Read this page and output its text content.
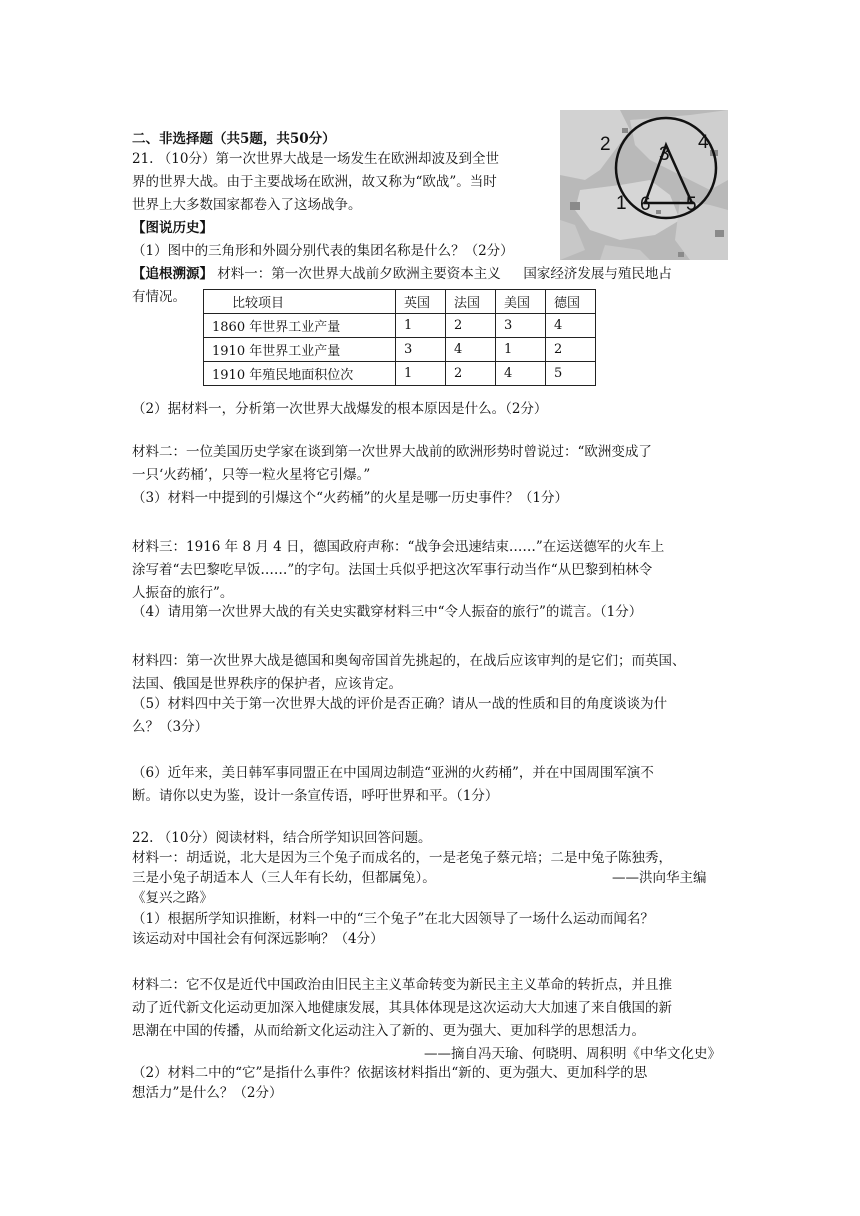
二、非选择题（共5题，共50分）
21. （10分）第一次世界大战是一场发生在欧洲却波及到全世
界的世界大战。由于主要战场在欧洲，故又称为“欧战”。当时
世界上大多数国家都卷入了这场战争。
【图说历史】
（1）图中的三角形和外圆分别代表的集团名称是什么？（2分）
【追根溯源】 材料一：第一次世界大战前夕欧洲主要资本主义 国家经济发展与殖民地占
有情况。
2	3
4
1 6 5
比较项目	英国	法国	美国	德国
1860 年世界工业产量	1	2	3	4
1910 年世界工业产量	3	4	1	2
1910 年殖民地面积位次	1	2	4	5
（2）据材料一，分析第一次世界大战爆发的根本原因是什么。（2分）
材料二：一位美国历史学家在谈到第一次世界大战前的欧洲形势时曾说过：“欧洲变成了
一只‘火药桶’，只等一粒火星将它引爆。”
（3）材料一中提到的引爆这个“火药桶”的火星是哪一历史事件？（1分）
材料三：1916 年 8 月 4 日，德国政府声称：“战争会迅速结束……”在运送德军的火车上
涂写着“去巴黎吃早饭……”的字句。法国士兵似乎把这次军事行动当作“从巴黎到柏林令
人振奋的旅行”。
（4）请用第一次世界大战的有关史实戳穿材料三中“令人振奋的旅行”的谎言。（1分）
材料四：第一次世界大战是德国和奥匈帝国首先挑起的，在战后应该审判的是它们；而英国、
法国、俄国是世界秩序的保护者，应该肯定。
（5）材料四中关于第一次世界大战的评价是否正确？请从一战的性质和目的角度谈谈为什
么？（3分）
（6）近年来，美日韩军事同盟正在中国周边制造“亚洲的火药桶”，并在中国周围军演不
断。请你以史为鉴，设计一条宣传语，呼吁世界和平。（1分）
22. （10分）阅读材料，结合所学知识回答问题。
材料一：胡适说，北大是因为三个兔子而成名的，一是老兔子蔡元培；二是中兔子陈独秀，
三是小兔子胡适本人（三人年有长幼，但都属兔）。	——洪向华主编
《复兴之路》
（1）根据所学知识推断，材料一中的“三个兔子”在北大因领导了一场什么运动而闻名？
该运动对中国社会有何深远影响？（4分）
材料二：它不仅是近代中国政治由旧民主主义革命转变为新民主主义革命的转折点，并且推
动了近代新文化运动更加深入地健康发展，其具体体现是这次运动大大加速了来自俄国的新
思潮在中国的传播，从而给新文化运动注入了新的、更为强大、更加科学的思想活力。
——摘自冯天瑜、何晓明、周积明《中华文化史》
（2）材料二中的“它”是指什么事件？依据该材料指出“新的、更为强大、更加科学的思
想活力”是什么？（2分）
